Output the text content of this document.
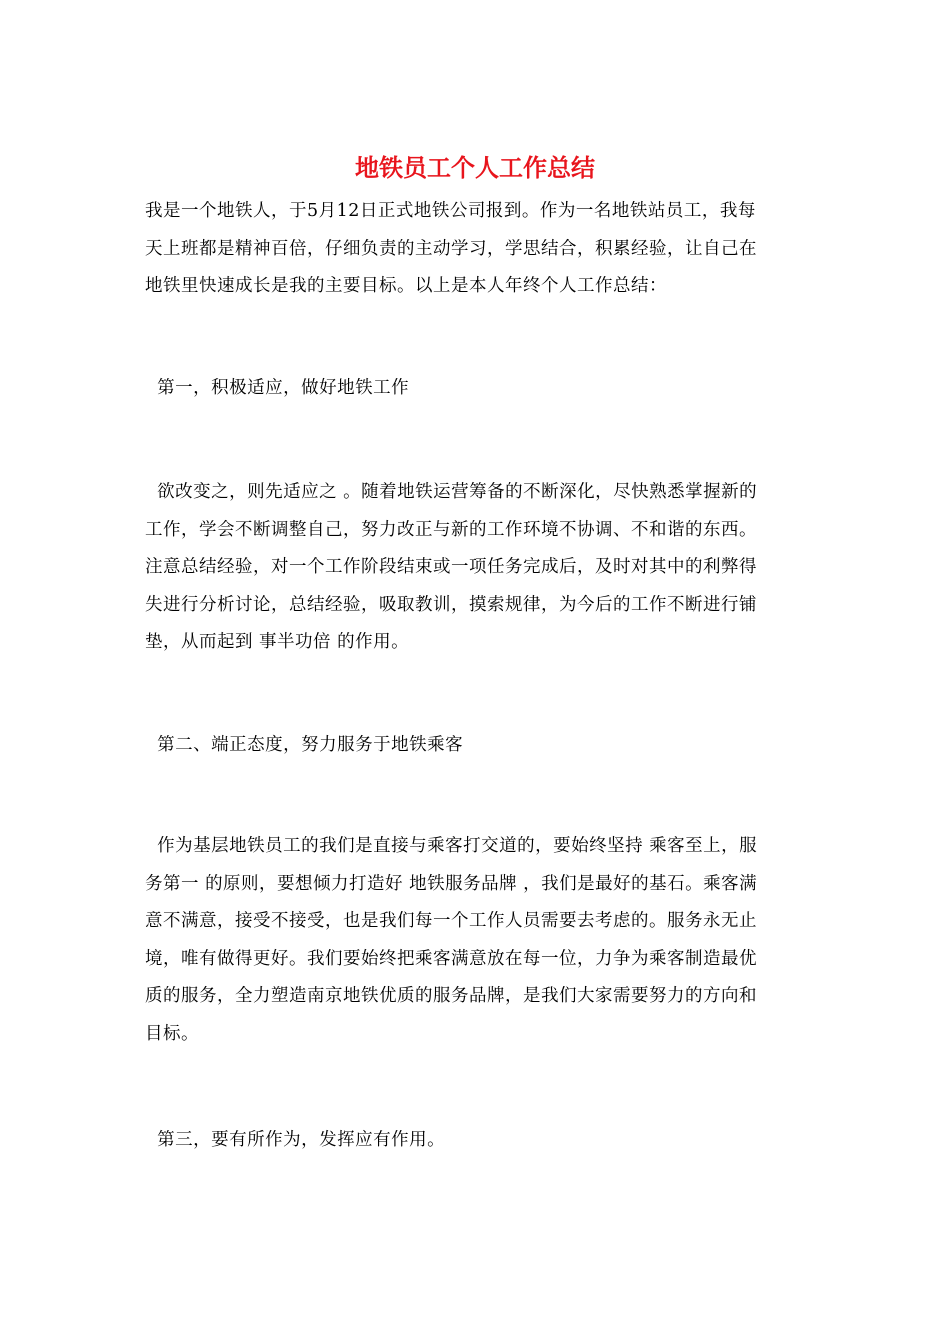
地铁员工个人工作总结
我是一个地铁人，于5月12日正式地铁公司报到。作为一名地铁站员工，我每
天上班都是精神百倍，仔细负责的主动学习，学思结合，积累经验，让自己在
地铁里快速成长是我的主要目标。以上是本人年终个人工作总结：
第一，积极适应，做好地铁工作
欲改变之，则先适应之 。随着地铁运营筹备的不断深化，尽快熟悉掌握新的
工作，学会不断调整自己，努力改正与新的工作环境不协调、不和谐的东西。
注意总结经验，对一个工作阶段结束或一项任务完成后，及时对其中的利弊得
失进行分析讨论，总结经验，吸取教训，摸索规律，为今后的工作不断进行铺
垫，从而起到 事半功倍 的作用。
第二、端正态度，努力服务于地铁乘客
作为基层地铁员工的我们是直接与乘客打交道的，要始终坚持 乘客至上，服
务第一 的原则，要想倾力打造好 地铁服务品牌 ，我们是最好的基石。乘客满
意不满意，接受不接受，也是我们每一个工作人员需要去考虑的。服务永无止
境，唯有做得更好。我们要始终把乘客满意放在每一位，力争为乘客制造最优
质的服务，全力塑造南京地铁优质的服务品牌，是我们大家需要努力的方向和
目标。
第三，要有所作为，发挥应有作用。
